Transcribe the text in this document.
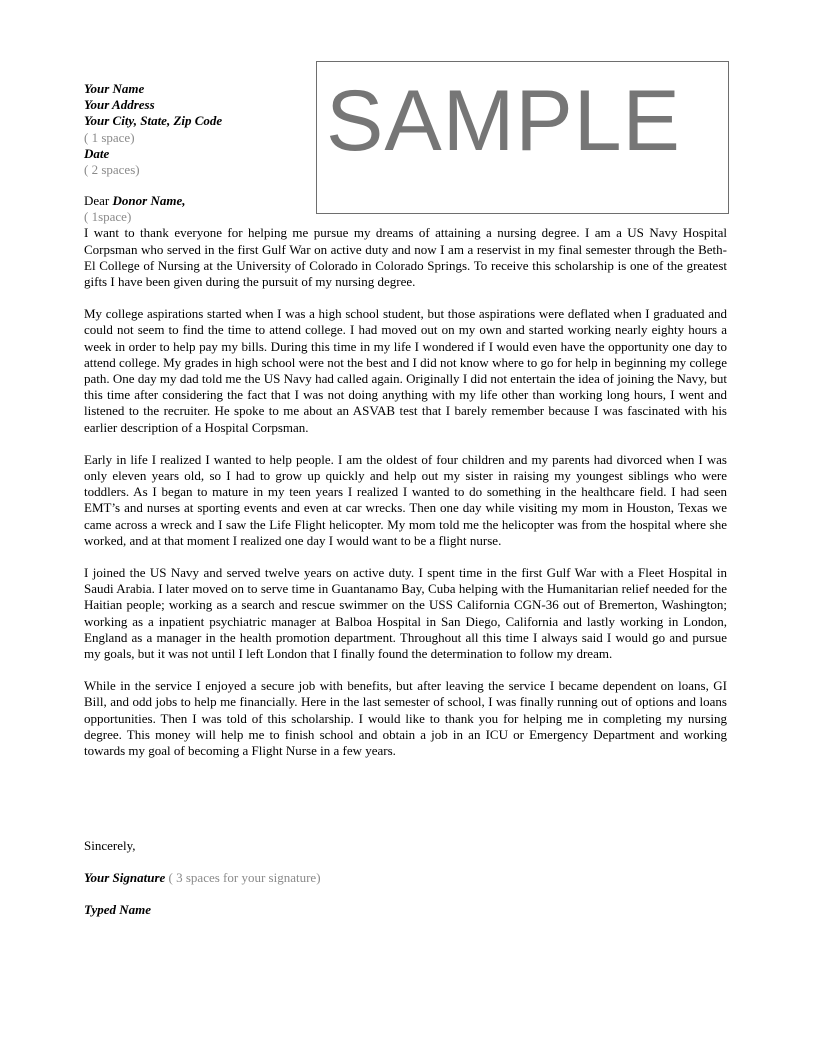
SAMPLE
Your Name
Your Address
Your City, State, Zip Code
( 1 space)
Date
( 2 spaces)
Dear Donor Name,
( 1space)

I want to thank everyone for helping me pursue my dreams of attaining a nursing degree. I am a US Navy Hospital Corpsman who served in the first Gulf War on active duty and now I am a reservist in my final semester through the Beth-El College of Nursing at the University of Colorado in Colorado Springs. To receive this scholarship is one of the greatest gifts I have been given during the pursuit of my nursing degree.

My college aspirations started when I was a high school student, but those aspirations were deflated when I graduated and could not seem to find the time to attend college. I had moved out on my own and started working nearly eighty hours a week in order to help pay my bills. During this time in my life I wondered if I would even have the opportunity one day to attend college. My grades in high school were not the best and I did not know where to go for help in beginning my college path. One day my dad told me the US Navy had called again. Originally I did not entertain the idea of joining the Navy, but this time after considering the fact that I was not doing anything with my life other than working long hours, I went and listened to the recruiter. He spoke to me about an ASVAB test that I barely remember because I was fascinated with his earlier description of a Hospital Corpsman.

Early in life I realized I wanted to help people. I am the oldest of four children and my parents had divorced when I was only eleven years old, so I had to grow up quickly and help out my sister in raising my youngest siblings who were toddlers. As I began to mature in my teen years I realized I wanted to do something in the healthcare field. I had seen EMT’s and nurses at sporting events and even at car wrecks. Then one day while visiting my mom in Houston, Texas we came across a wreck and I saw the Life Flight helicopter. My mom told me the helicopter was from the hospital where she worked, and at that moment I realized one day I would want to be a flight nurse.

I joined the US Navy and served twelve years on active duty. I spent time in the first Gulf War with a Fleet Hospital in Saudi Arabia. I later moved on to serve time in Guantanamo Bay, Cuba helping with the Humanitarian relief needed for the Haitian people; working as a search and rescue swimmer on the USS California CGN-36 out of Bremerton, Washington; working as a inpatient psychiatric manager at Balboa Hospital in San Diego, California and lastly working in London, England as a manager in the health promotion department. Throughout all this time I always said I would go and pursue my goals, but it was not until I left London that I finally found the determination to follow my dream.

While in the service I enjoyed a secure job with benefits, but after leaving the service I became dependent on loans, GI Bill, and odd jobs to help me financially. Here in the last semester of school, I was finally running out of options and loans opportunities. Then I was told of this scholarship. I would like to thank you for helping me in completing my nursing degree. This money will help me to finish school and obtain a job in an ICU or Emergency Department and working towards my goal of becoming a Flight Nurse in a few years.

Sincerely,
Your Signature ( 3 spaces for your signature)
Typed Name
